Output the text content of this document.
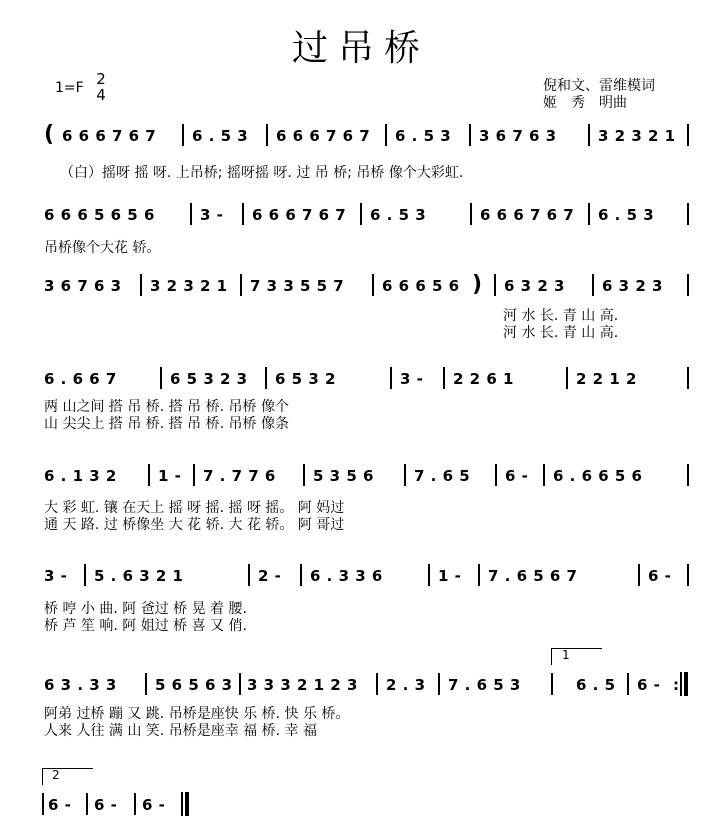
过吊桥
1=F 2
4	倪和文、雷维模词
姬　秀　明曲
( 6 6 6 7 6 7 6 . 5 3 6 6 6 7 6 7 6 . 5 3 3 6 7 6 3	3 2 3 2 1
（白）摇呀 摇 呀. 上吊桥; 摇呀摇 呀. 过 吊 桥; 吊桥 像个大彩虹.
6 6 6 5 6 5 6	3 - 6 6 6 7 6 7 6 . 5 3	6 6 6 7 6 7 6 . 5 3
吊桥像个大花 轿。
3 6 7 6 3 3 2 3 2 1 7 3 3 5 5 7	6 6 6 5 6 ) 6 3 2 3 6 3 2 3
河 水 长. 青 山 高.
河 水 长. 青 山 高.
6 . 6 6 7	6 5 3 2 3 6 5 3 2	3 - 2 2 6 1	2 2 1 2
两 山之间 搭 吊 桥. 搭 吊 桥. 吊桥 像个
山 尖尖上 搭 吊 桥. 搭 吊 桥. 吊桥 像条
6 . 1 3 2	1 - 7 . 7 7 6 5 3 5 6	7 . 6 5 6 - 6 . 6 6 5 6
大 彩 虹. 镶 在天上 摇 呀 摇. 摇 呀 摇。 阿 妈过
通 天 路. 过 桥像坐 大 花 轿. 大 花 轿。 阿 哥过
3 - 5 . 6 3 2 1	2 - 6 . 3 3 6	1 - 7 . 6 5 6 7	6 -
桥 哼 小 曲. 阿 爸过 桥 晃 着 腰.
桥 芦 笙 响. 阿 姐过 桥 喜 又 俏.
1
6 3 . 3 3	5 6 5 6 3 3 3 3 2 1 2 3 2 . 3 7 . 6 5 3	6 . 5 6 - :
阿弟 过桥 蹦 又 跳. 吊桥是座快 乐 桥. 快 乐 桥。
人来 人往 满 山 笑. 吊桥是座幸 福 桥. 幸 福
2
6 - 6 - 6 -
